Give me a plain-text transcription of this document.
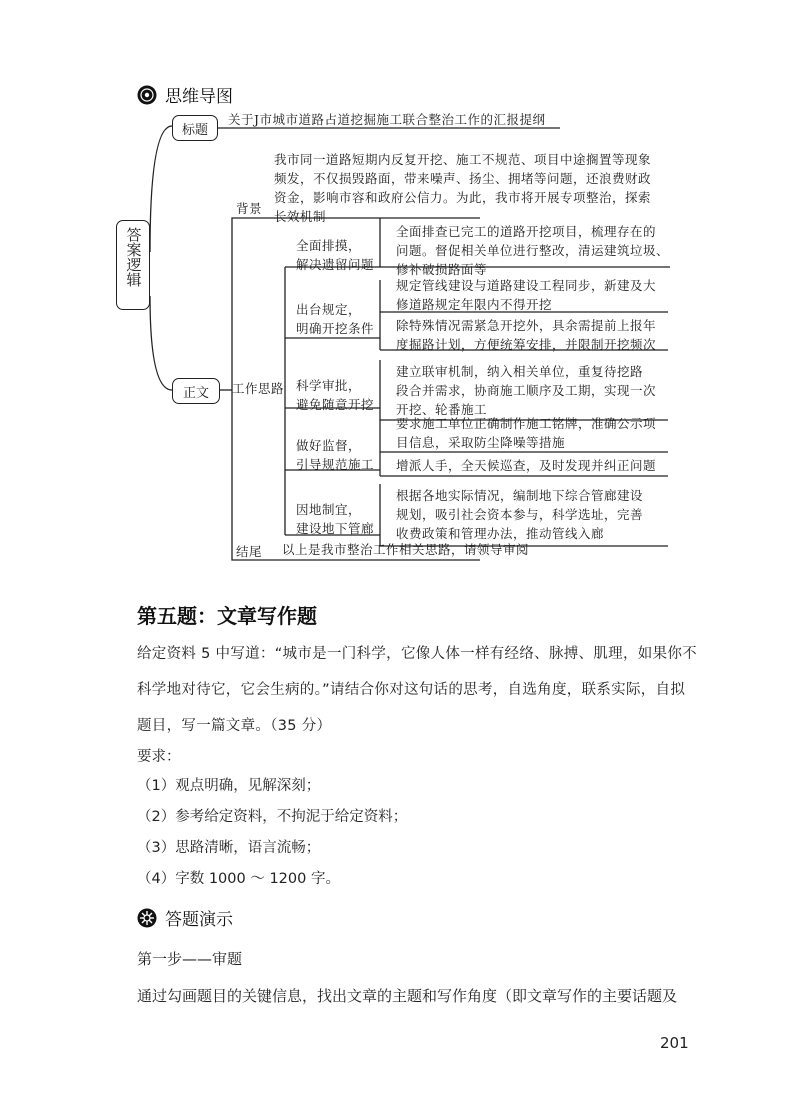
思维导图
答案逻辑
标题
关于J市城市道路占道挖掘施工联合整治工作的汇报提纲
我市同一道路短期内反复开挖、施工不规范、项目中途搁置等现象
频发，不仅损毁路面，带来噪声、扬尘、拥堵等问题，还浪费财政
资金，影响市容和政府公信力。为此，我市将开展专项整治，探索
长效机制
背景
正文 工作思路
全面排摸，
解决遗留问题
全面排查已完工的道路开挖项目，梳理存在的
问题。督促相关单位进行整改，清运建筑垃圾、
修补破损路面等
出台规定，
明确开挖条件
规定管线建设与道路建设工程同步，新建及大
修道路规定年限内不得开挖
除特殊情况需紧急开挖外，具余需提前上报年
度掘路计划，方便统筹安排，并限制开挖频次
科学审批，
避免随意开挖
建立联审机制，纳入相关单位，重复待挖路
段合并需求，协商施工顺序及工期，实现一次
开挖、轮番施工
做好监督，
引导规范施工
要求施工单位正确制作施工铭牌，准确公示项
目信息，采取防尘降噪等措施
增派人手，全天候巡查，及时发现并纠正问题
因地制宜，
建设地下管廊
根据各地实际情况，编制地下综合管廊建设
规划，吸引社会资本参与，科学选址，完善
收费政策和管理办法，推动管线入廊
结尾 以上是我市整治工作相关思路，请领导审阅
第五题：文章写作题
给定资料 5 中写道：“城市是一门科学，它像人体一样有经络、脉搏、肌理，如果你不科学地对待它，它会生病的。”请结合你对这句话的思考，自选角度，联系实际，自拟题目，写一篇文章。（35 分）
要求：
（1）观点明确，见解深刻；
（2）参考给定资料，不拘泥于给定资料；
（3）思路清晰，语言流畅；
（4）字数 1000 ～ 1200 字。
答题演示
第一步——审题
通过勾画题目的关键信息，找出文章的主题和写作角度（即文章写作的主要话题及
201
